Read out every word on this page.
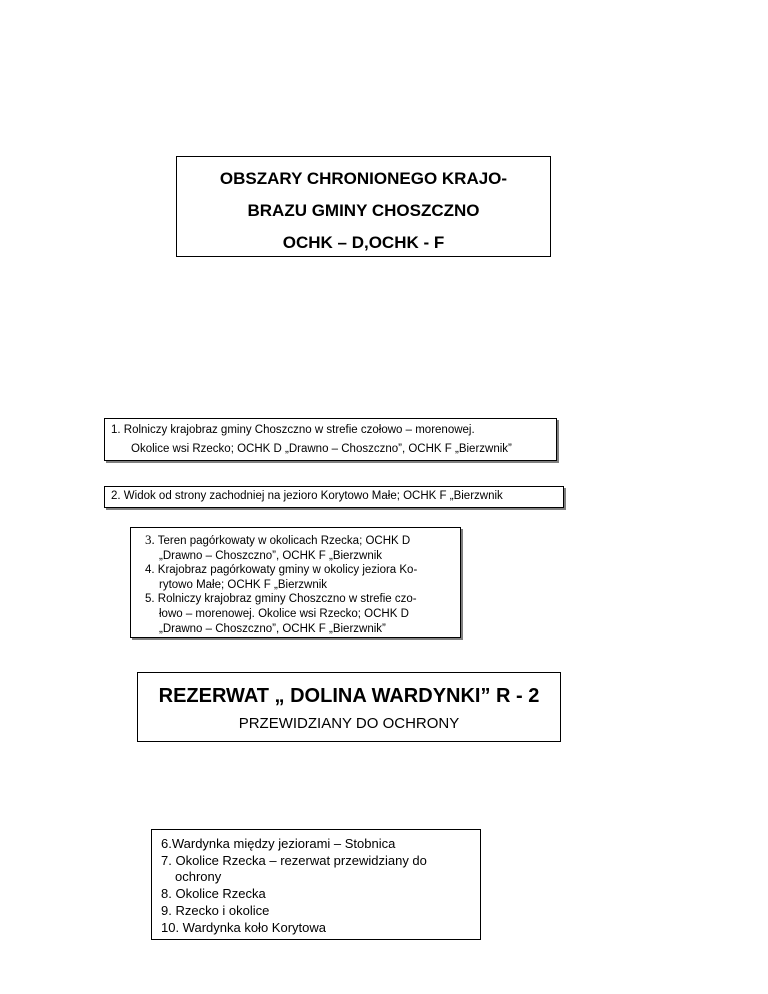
OBSZARY CHRONIONEGO KRAJO-
BRAZU GMINY CHOSZCZNO
OCHK – D,OCHK - F
1. Rolniczy krajobraz gminy Choszczno w strefie czołowo – morenowej.
Okolice wsi Rzecko; OCHK D „Drawno – Choszczno”, OCHK F „Bierzwnik”
2. Widok od strony zachodniej na jezioro Korytowo Małe; OCHK F „Bierzwnik
3. Teren pagórkowaty w okolicach Rzecka; OCHK D
„Drawno – Choszczno”, OCHK F „Bierzwnik
4. Krajobraz pagórkowaty gminy w okolicy jeziora Ko-
rytowo Małe; OCHK F „Bierzwnik
5. Rolniczy krajobraz gminy Choszczno w strefie czo-
łowo – morenowej. Okolice wsi Rzecko; OCHK D
„Drawno – Choszczno”, OCHK F „Bierzwnik”
REZERWAT „ DOLINA WARDYNKI” R - 2
PRZEWIDZIANY DO OCHRONY
6.Wardynka między jeziorami – Stobnica
7. Okolice Rzecka – rezerwat przewidziany do
ochrony
8. Okolice Rzecka
9. Rzecko i okolice
10. Wardynka koło Korytowa
